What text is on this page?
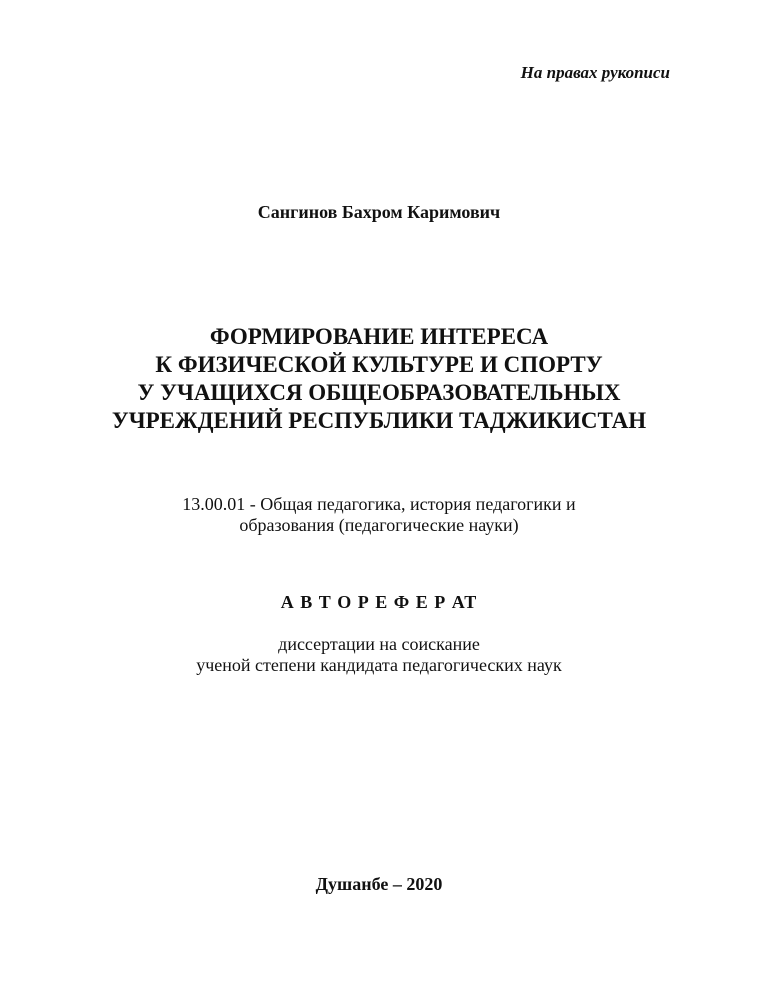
На правах рукописи

Сангинов Бахром Каримович

ФОРМИРОВАНИЕ ИНТЕРЕСА
К ФИЗИЧЕСКОЙ КУЛЬТУРЕ И СПОРТУ
У УЧАЩИХСЯ ОБЩЕОБРАЗОВАТЕЛЬНЫХ
УЧРЕЖДЕНИЙ РЕСПУБЛИКИ ТАДЖИКИСТАН
13.00.01 - Общая педагогика, история педагогики и
образования (педагогические науки)

А В Т О Р Е Ф Е Р АТ

диссертации на соискание
ученой степени кандидата педагогических наук

Душанбе – 2020
